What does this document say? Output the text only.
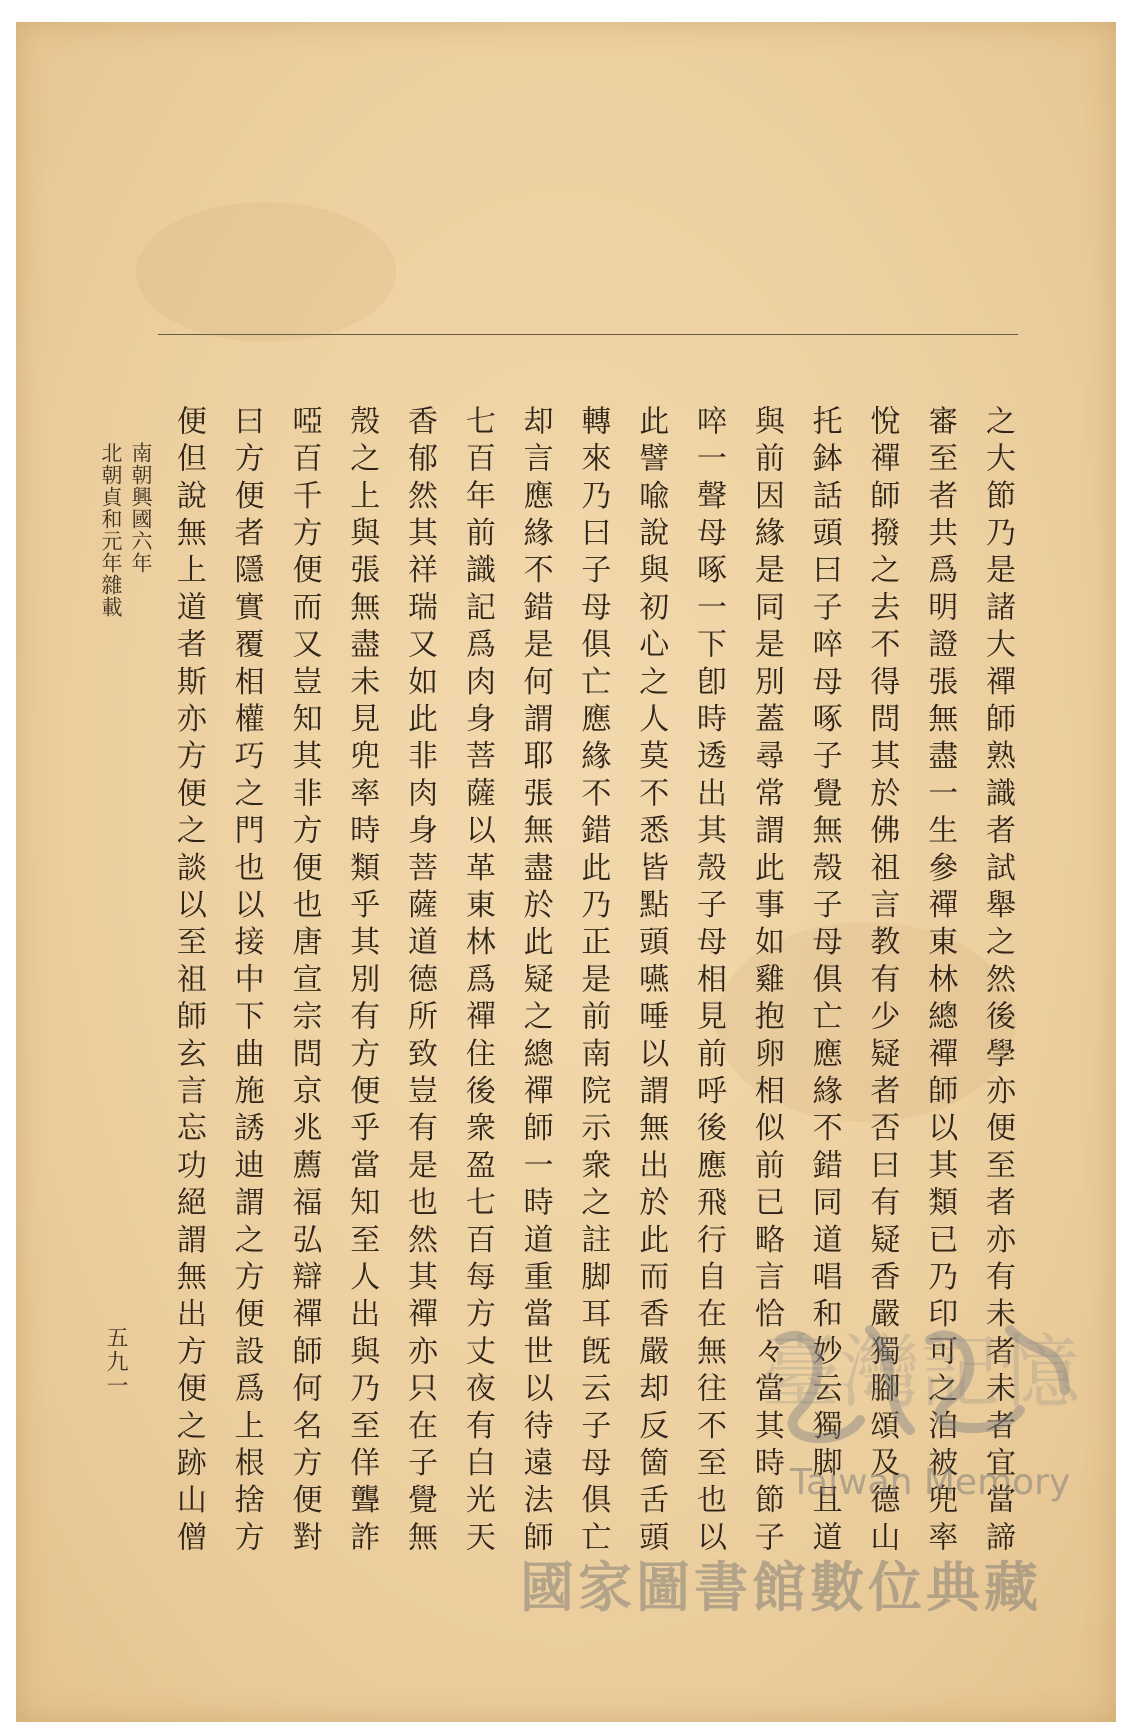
之大節乃是諸大禪師熟識者試舉之然後學亦便至者亦有未者未者宜當諦
審至者共爲明證張無盡一生參禪東林總禪師以其類已乃印可之洎被兜率
悅禪師撥之去不得問其於佛祖言教有少疑者否曰有疑香嚴獨腳頌及德山
托鉢話頭曰子啐母啄子覺無殼子母俱亡應緣不錯同道唱和妙云獨脚且道
與前因緣是同是別蓋尋常謂此事如雞抱卵相似前已略言恰々當其時節子
啐一聲母啄一下卽時透出其殼子母相見前呼後應飛行自在無往不至也以
此譬喩說與初心之人莫不悉皆點頭嚥唾以謂無出於此而香嚴却反箇舌頭
轉來乃曰子母俱亡應緣不錯此乃正是前南院示衆之註脚耳旣云子母俱亡
却言應緣不錯是何謂耶張無盡於此疑之總禪師一時道重當世以待遠法師
七百年前識記爲肉身菩薩以革東林爲禪住後衆盈七百每方丈夜有白光天
香郁然其祥瑞又如此非肉身菩薩道德所致豈有是也然其禪亦只在子覺無
殼之上與張無盡未見兜率時類乎其別有方便乎當知至人出與乃至佯聾詐
啞百千方便而又豈知其非方便也唐宣宗問京兆薦福弘辯禪師何名方便對
曰方便者隱實覆相權巧之門也以接中下曲施誘迪謂之方便設爲上根捨方
便但說無上道者斯亦方便之談以至祖師玄言忘功絕謂無出方便之跡山僧
南朝興國六年
北朝貞和元年雜載
五九一	臺灣記憶
Taiwan Memory
國家圖書館數位典藏
